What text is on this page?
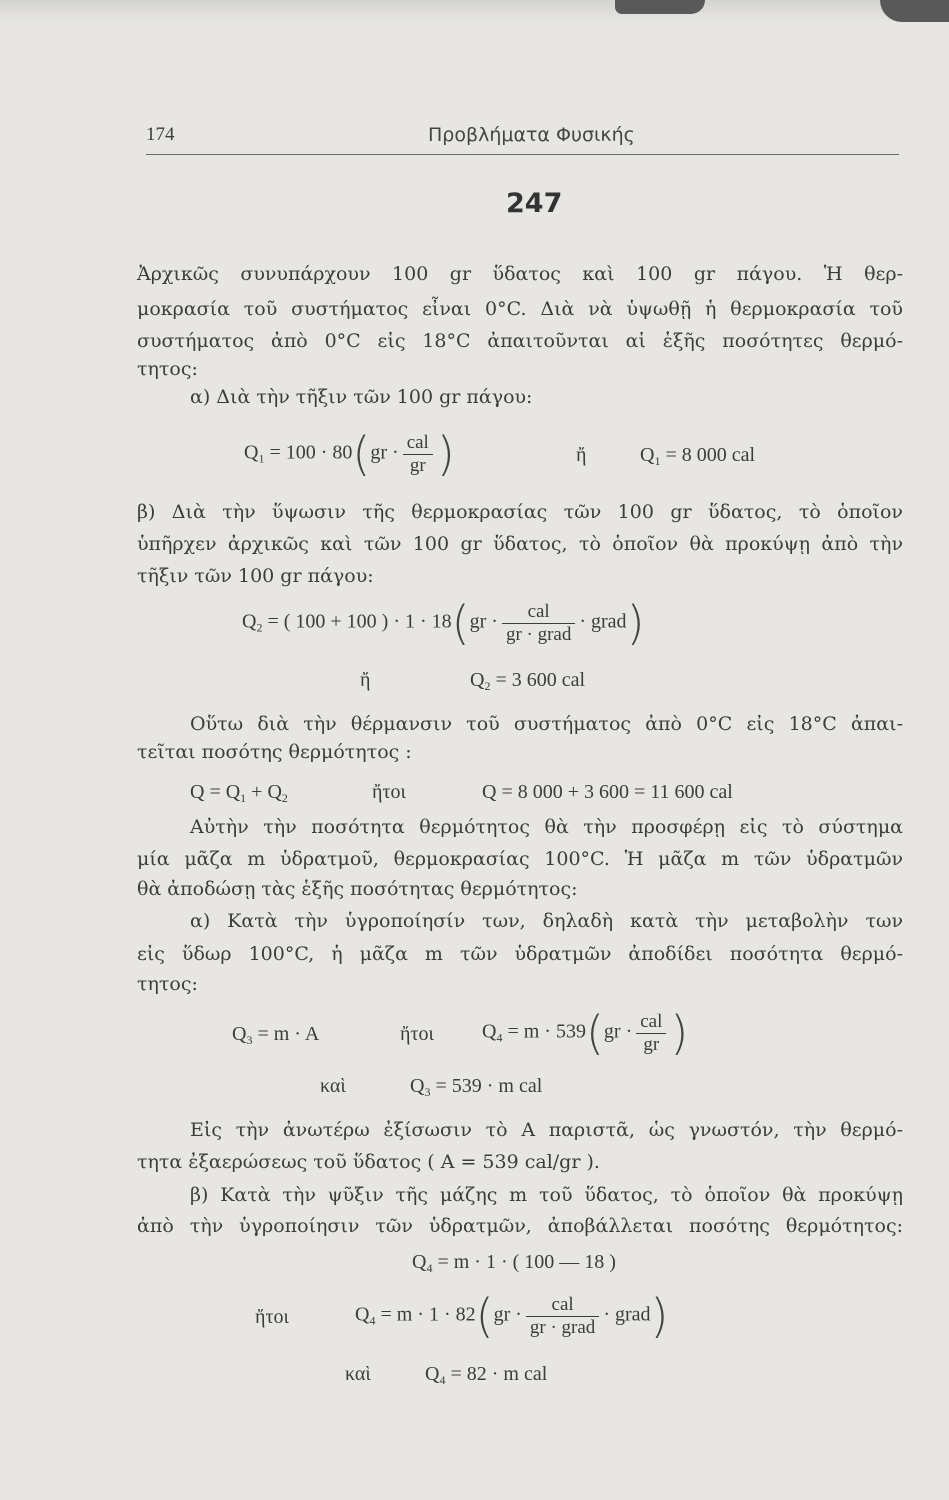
174	Προβλήματα Φυσικής
247
Ἀρχικῶς συνυπάρχουν 100 gr ὕδατος καὶ 100 gr πάγου. Ἡ θερ-
μοκρασία τοῦ συστήματος εἶναι 0°C. Διὰ νὰ ὑψωθῇ ἡ θερμοκρασία τοῦ
συστήματος ἀπὸ 0°C εἰς 18°C ἀπαιτοῦνται αἱ ἑξῆς ποσότητες θερμό-
τητος:
α) Διὰ τὴν τῆξιν τῶν 100 gr πάγου:
$Q_1 = 100 \cdot 80(gr \cdot \frac{\text{cal}}{gr}$ )	ἤ	$Q_1 = 8$ 000 cal
β) Διὰ τὴν ὕψωσιν τῆς θερμοκρασίας τῶν 100 gr ὕδατος, τὸ ὁποῖον
ὑπῆρχεν ἀρχικῶς καὶ τῶν 100 gr ὕδατος, τὸ ὁποῖον θὰ προκύψῃ ἀπὸ τὴν
τῆξιν τῶν 100 gr πάγου:
$Q_2$ = ( 100 + 100 ) · $1 \cdot 18(gr \cdot \frac{\text{cal}}{\text{gr · grad}}$ · grad)
ἤ	$Q_2 = 3$ 600 cal
Οὕτω διὰ τὴν θέρμανσιν τοῦ συστήματος ἀπὸ 0°C εἰς 18°C ἀπαι-
τεῖται ποσότης θερμότητος :
$Q = Q_1 + Q_2$	ἤτοι	Q = 8 000 + 3 600 = 11 600 cal
Αὐτὴν τὴν ποσότητα θερμότητος θὰ τὴν προσφέρῃ εἰς τὸ σύστημα
μία μᾶζα m ὑδρατμοῦ, θερμοκρασίας 100°C. Ἡ μᾶζα m τῶν ὑδρατμῶν
θὰ ἀποδώσῃ τὰς ἑξῆς ποσότητας θερμότητος:
α) Κατὰ τὴν ὑγροποίησίν των, δηλαδὴ κατὰ τὴν μεταβολὴν των
εἰς ὕδωρ 100°C, ἡ μᾶζα m τῶν ὑδρατμῶν ἀποδίδει ποσότητα θερμό-
τητος:
$Q_3 = m \cdot A$	ἤτοι $Q_4 = m \cdot 539(gr \cdot \frac{\text{cal}}{gr}$ )
καὶ	$Q_3 = 539 \cdot m$ cal
Εἰς τὴν ἀνωτέρω ἐξίσωσιν τὸ Α παριστᾶ, ὡς γνωστόν, τὴν θερμό-
τητα ἐξαερώσεως τοῦ ὕδατος ( Α = 539 cal/gr ).
β) Κατὰ τὴν ψῦξιν τῆς μάζης m τοῦ ὕδατος, τὸ ὁποῖον θὰ προκύψῃ
ἀπὸ τὴν ὑγροποίησιν τῶν ὑδρατμῶν, ἀποβάλλεται ποσότης θερμότητος:
$Q_4 = m \cdot 1$ · ( 100 — 18 )
ἤτοι	$Q_4 = m \cdot 1 \cdot 82(gr \cdot \frac{\text{cal}}{\text{gr · grad}}$ · grad)
καὶ	$Q_4 = 82 \cdot m$ cal
